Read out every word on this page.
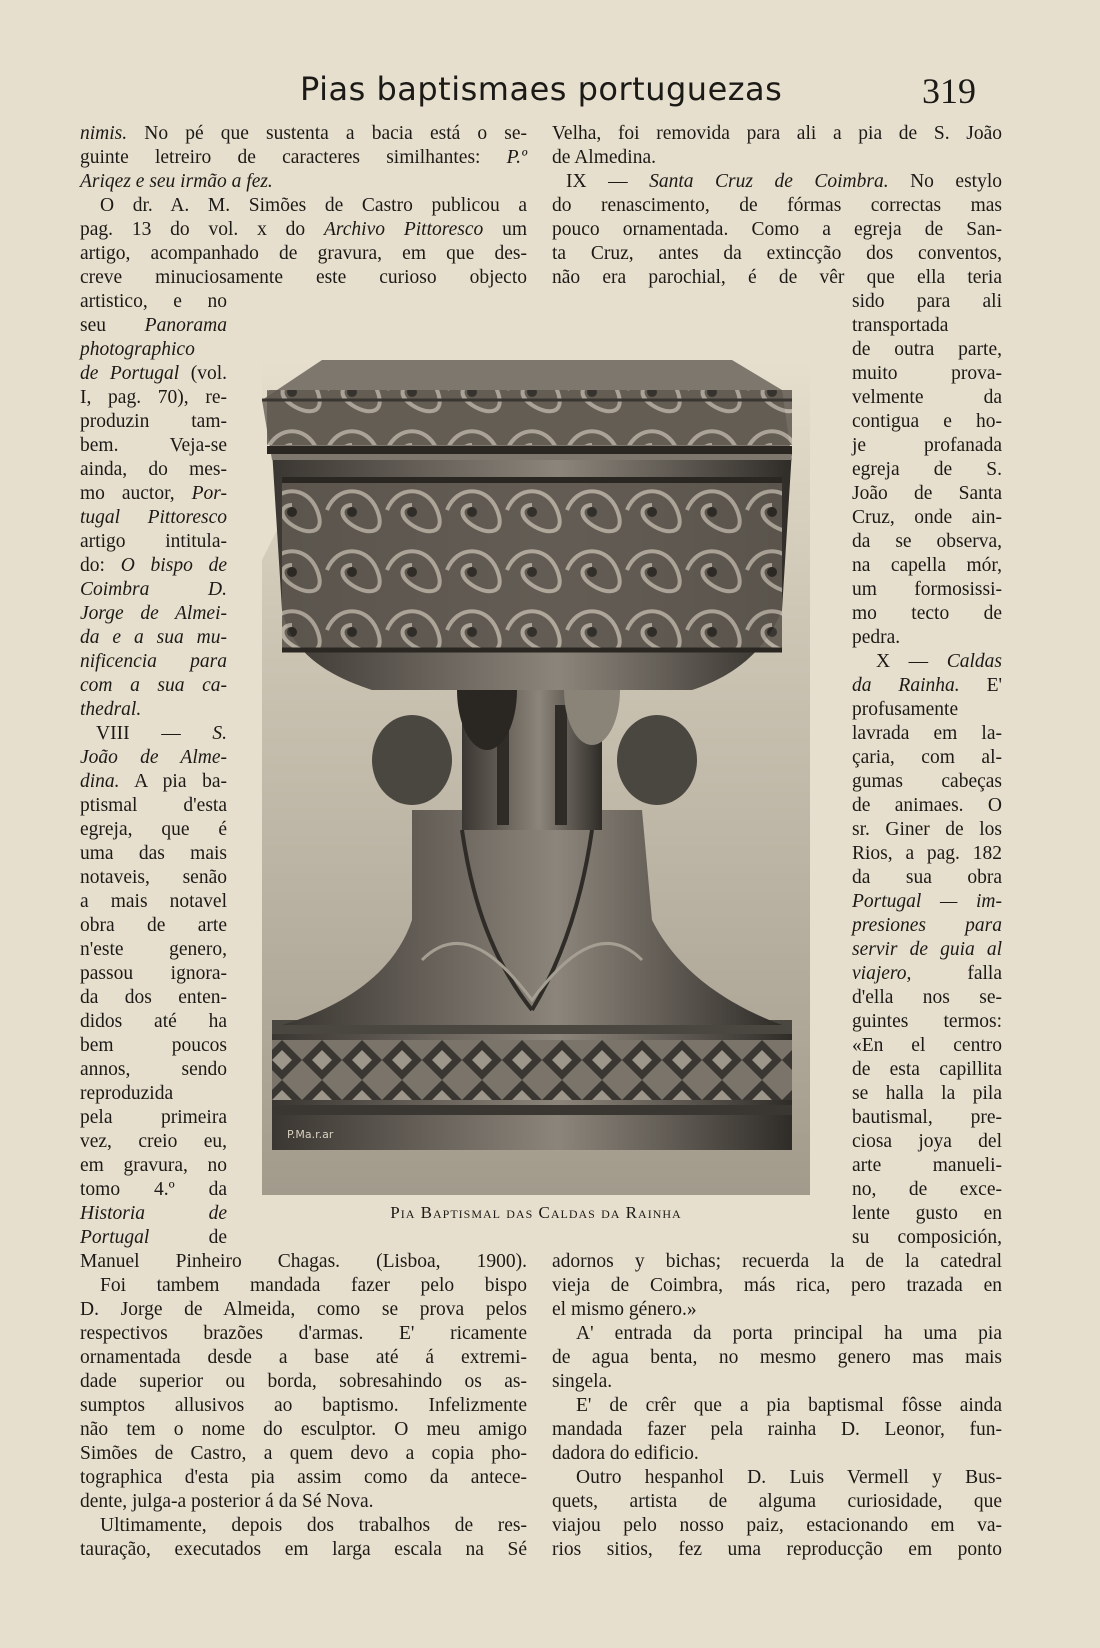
Pias baptismaes portuguezas	319
nimis. No pé que sustenta a bacia está o se-
guinte letreiro de caracteres similhantes: P.º
Ariqez e seu irmão a fez.
O dr. A. M. Simões de Castro publicou a
pag. 13 do vol. x do Archivo Pittoresco um
artigo, acompanhado de gravura, em que des-
creve minuciosamente este curioso objecto
artistico, e no
seu Panorama
photographico
de Portugal (vol.
I, pag. 70), re-
produzin tam-
bem. Veja-se
ainda, do mes-
mo auctor, Por-
tugal Pittoresco
artigo intitula-
do: O bispo de
Coimbra D.
Jorge de Almei-
da e a sua mu-
nificencia para
com a sua ca-
thedral.
VIII — S.
João de Alme-
dina. A pia ba-
ptismal d'esta
egreja, que é
uma das mais
notaveis, senão
a mais notavel
obra de arte
n'este genero,
passou ignora-
da dos enten-
didos até ha
bem poucos
annos, sendo
reproduzida
pela primeira
vez, creio eu,
em gravura, no
tomo 4.º da
Historia de
Portugal de
Manuel Pinheiro Chagas. (Lisboa, 1900).
Foi tambem mandada fazer pelo bispo
D. Jorge de Almeida, como se prova pelos
respectivos brazões d'armas. E' ricamente
ornamentada desde a base até á extremi-
dade superior ou borda, sobresahindo os as-
sumptos allusivos ao baptismo. Infelizmente
não tem o nome do esculptor. O meu amigo
Simões de Castro, a quem devo a copia pho-
tographica d'esta pia assim como da antece-
dente, julga-a posterior á da Sé Nova.
Ultimamente, depois dos trabalhos de res-
tauração, executados em larga escala na Sé
Velha, foi removida para ali a pia de S. João
de Almedina.
IX — Santa Cruz de Coimbra. No estylo
do renascimento, de fórmas correctas mas
pouco ornamentada. Como a egreja de San-
ta Cruz, antes da extincção dos conventos,
não era parochial, é de vêr que ella teria
sido para ali
transportada
de outra parte,
muito prova-
velmente da
contigua e ho-
je profanada
egreja de S.
João de Santa
Cruz, onde ain-
da se observa,
na capella mór,
um formosissi-
mo tecto de
pedra.
X — Caldas
da Rainha. E'
profusamente
lavrada em la-
çaria, com al-
gumas cabeças
de animaes. O
sr. Giner de los
Rios, a pag. 182
da sua obra
Portugal — im-
presiones para
servir de guia al
viajero, falla
d'ella nos se-
guintes termos:
«En el centro
de esta capillita
se halla la pila
bautismal, pre-
ciosa joya del
arte manueli-
no, de exce-
lente gusto en
su composición,
adornos y bichas; recuerda la de la catedral
vieja de Coimbra, más rica, pero trazada en
el mismo género.»
A' entrada da porta principal ha uma pia
de agua benta, no mesmo genero mas mais
singela.
E' de crêr que a pia baptismal fôsse ainda
mandada fazer pela rainha D. Leonor, fun-
dadora do edificio.
Outro hespanhol D. Luis Vermell y Bus-
quets, artista de alguma curiosidade, que
viajou pelo nosso paiz, estacionando em va-
rios sitios, fez uma reproducção em ponto
P.Ma.r.ar
Pia Baptismal das Caldas da Rainha
